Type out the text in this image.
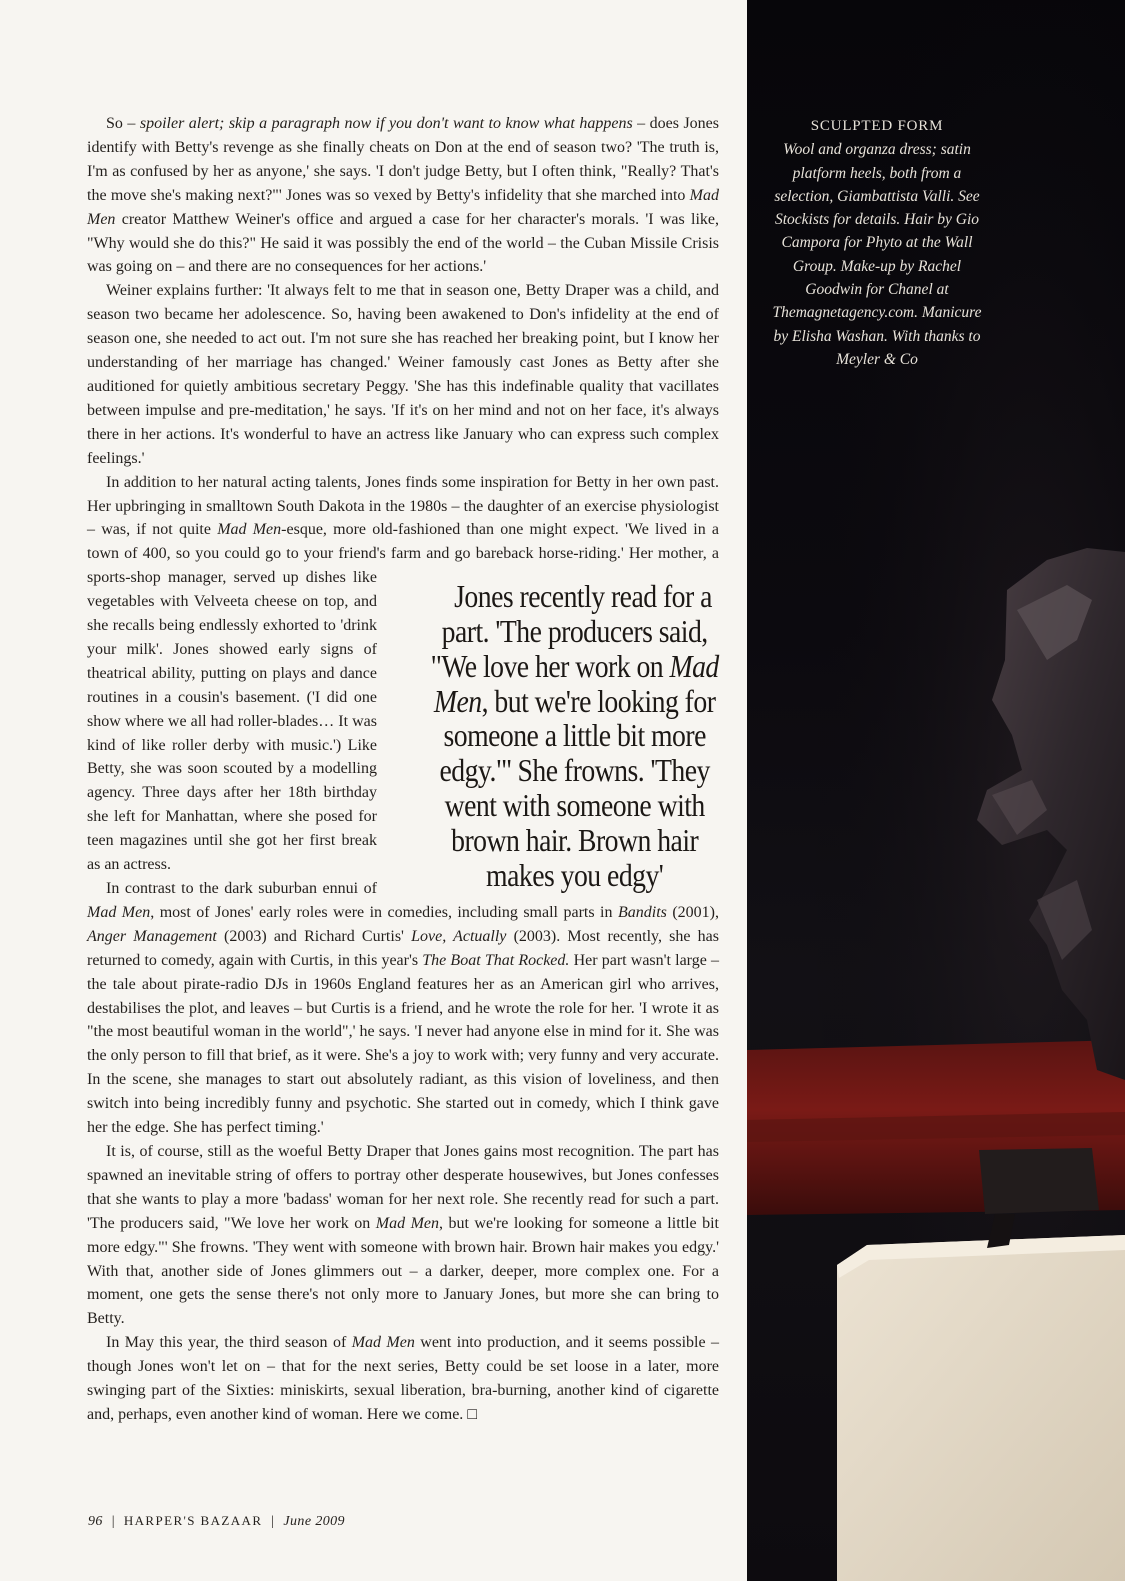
So – spoiler alert; skip a paragraph now if you don't want to know what happens – does Jones identify with Betty's revenge as she finally cheats on Don at the end of season two? 'The truth is, I'm as confused by her as anyone,' she says. 'I don't judge Betty, but I often think, "Really? That's the move she's making next?"' Jones was so vexed by Betty's infidelity that she marched into Mad Men creator Matthew Weiner's office and argued a case for her character's morals. 'I was like, "Why would she do this?" He said it was possibly the end of the world – the Cuban Missile Crisis was going on – and there are no consequences for her actions.'

Weiner explains further: 'It always felt to me that in season one, Betty Draper was a child, and season two became her adolescence. So, having been awakened to Don's infidelity at the end of season one, she needed to act out. I'm not sure she has reached her breaking point, but I know her understanding of her marriage has changed.' Weiner famously cast Jones as Betty after she auditioned for quietly ambitious secretary Peggy. 'She has this indefinable quality that vacillates between impulse and pre-meditation,' he says. 'If it's on her mind and not on her face, it's always there in her actions. It's wonderful to have an actress like January who can express such complex feelings.'

In addition to her natural acting talents, Jones finds some inspiration for Betty in her own past. Her upbringing in smalltown South Dakota in the 1980s – the daughter of an exercise physiologist – was, if not quite Mad Men-esque, more old-fashioned than one might expect. 'We lived in a town of 400, so you could go to your friend's farm and go bareback horse-riding.' Her mother, a sports-shop manager, served up dishes like
Jones recently read for a part. 'The producers said, "We love her work on Mad Men, but we're looking for someone a little bit more edgy."' She frowns. 'They went with someone with brown hair. Brown hair makes you edgy'
vegetables with Velveeta cheese on top, and she recalls being endlessly exhorted to 'drink your milk'. Jones showed early signs of theatrical ability, putting on plays and dance routines in a cousin's basement. ('I did one show where we all had roller-blades… It was kind of like roller derby with music.') Like Betty, she was soon scouted by a modelling agency. Three days after her 18th birthday she left for Manhattan, where she posed for teen magazines until she got her first break as an actress.

In contrast to the dark suburban ennui of Mad Men, most of Jones' early roles were in comedies, including small parts in Bandits (2001), Anger Management (2003) and Richard Curtis' Love, Actually (2003). Most recently, she has returned to comedy, again with Curtis, in this year's The Boat That Rocked. Her part wasn't large – the tale about pirate-radio DJs in 1960s England features her as an American girl who arrives, destabilises the plot, and leaves – but Curtis is a friend, and he wrote the role for her. 'I wrote it as "the most beautiful woman in the world",' he says. 'I never had anyone else in mind for it. She was the only person to fill that brief, as it were. She's a joy to work with; very funny and very accurate. In the scene, she manages to start out absolutely radiant, as this vision of loveliness, and then switch into being incredibly funny and psychotic. She started out in comedy, which I think gave her the edge. She has perfect timing.'

It is, of course, still as the woeful Betty Draper that Jones gains most recognition. The part has spawned an inevitable string of offers to portray other desperate housewives, but Jones confesses that she wants to play a more 'badass' woman for her next role. She recently read for such a part. 'The producers said, "We love her work on Mad Men, but we're looking for someone a little bit more edgy."' She frowns. 'They went with someone with brown hair. Brown hair makes you edgy.' With that, another side of Jones glimmers out – a darker, deeper, more complex one. For a moment, one gets the sense there's not only more to January Jones, but more she can bring to Betty.

In May this year, the third season of Mad Men went into production, and it seems possible – though Jones won't let on – that for the next series, Betty could be set loose in a later, more swinging part of the Sixties: miniskirts, sexual liberation, bra-burning, another kind of cigarette and, perhaps, even another kind of woman. Here we come. □

96 | HARPER'S BAZAAR | June 2009
SCULPTED FORM
Wool and organza dress; satin platform heels, both from a selection, Giambattista Valli. See Stockists for details. Hair by Gio Campora for Phyto at the Wall Group. Make-up by Rachel Goodwin for Chanel at Themagnetagency.com. Manicure by Elisha Washan. With thanks to Meyler & Co
